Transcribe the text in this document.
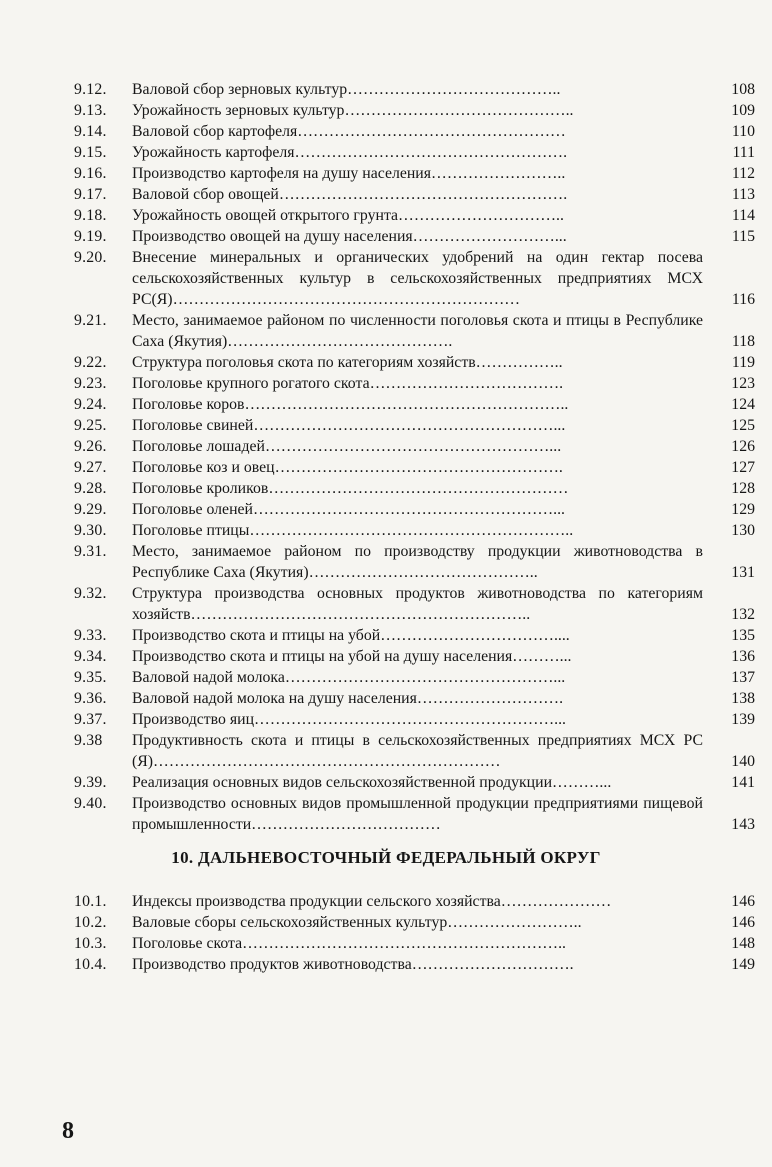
9.12.	Валовой сбор зерновых культур…………………………………..	108
9.13.	Урожайность зерновых культур……………………………………..	109
9.14.	Валовой сбор картофеля……………………………………………	110
9.15.	Урожайность картофеля…………………………………………….	111
9.16.	Производство картофеля на душу населения……………………..	112
9.17.	Валовой сбор овощей……………………………………………….	113
9.18.	Урожайность овощей открытого грунта…………………………..	114
9.19.	Производство овощей на душу населения………………………...	115
9.20.	Внесение минеральных и органических удобрений на один гектар посева сельскохозяйственных культур в сельскохозяйственных предприятиях МСХ РС(Я)…………………………………………………………	116
9.21.	Место, занимаемое районом по численности поголовья скота и птицы в Республике Саха (Якутия)…………………………………….	118
9.22.	Структура поголовья скота по категориям хозяйств……………..	119
9.23.	Поголовье крупного рогатого скота……………………………….	123
9.24.	Поголовье коров……………………………………………………..	124
9.25.	Поголовье свиней…………………………………………………...	125
9.26.	Поголовье лошадей………………………………………………...	126
9.27.	Поголовье коз и овец……………………………………………….	127
9.28.	Поголовье кроликов…………………………………………………	128
9.29.	Поголовье оленей…………………………………………………...	129
9.30.	Поголовье птицы……………………………………………………..	130
9.31.	Место, занимаемое районом по производству продукции животноводства в Республике Саха (Якутия)……………………………………..	131
9.32.	Структура производства основных продуктов животноводства по категориям хозяйств………………………………………………………..	132
9.33.	Производство скота и птицы на убой……………………………....	135
9.34.	Производство скота и птицы на убой на душу населения………...	136
9.35.	Валовой надой молока……………………………………………...	137
9.36.	Валовой надой молока на душу населения……………………….	138
9.37.	Производство яиц…………………………………………………...	139
9.38	Продуктивность скота и птицы в сельскохозяйственных предприятиях МСХ РС (Я)…………………………………………………………	140
9.39.	Реализация основных видов сельскохозяйственной продукции………...	141
9.40.	Производство основных видов промышленной продукции предприятиями пищевой промышленности………………………………	143
10. ДАЛЬНЕВОСТОЧНЫЙ ФЕДЕРАЛЬНЫЙ ОКРУГ
10.1.	Индексы производства продукции сельского хозяйства…………………	146
10.2.	Валовые сборы сельскохозяйственных культур……………………..	146
10.3.	Поголовье скота……………………………………………………..	148
10.4.	Производство продуктов животноводства………………………….	149
8
